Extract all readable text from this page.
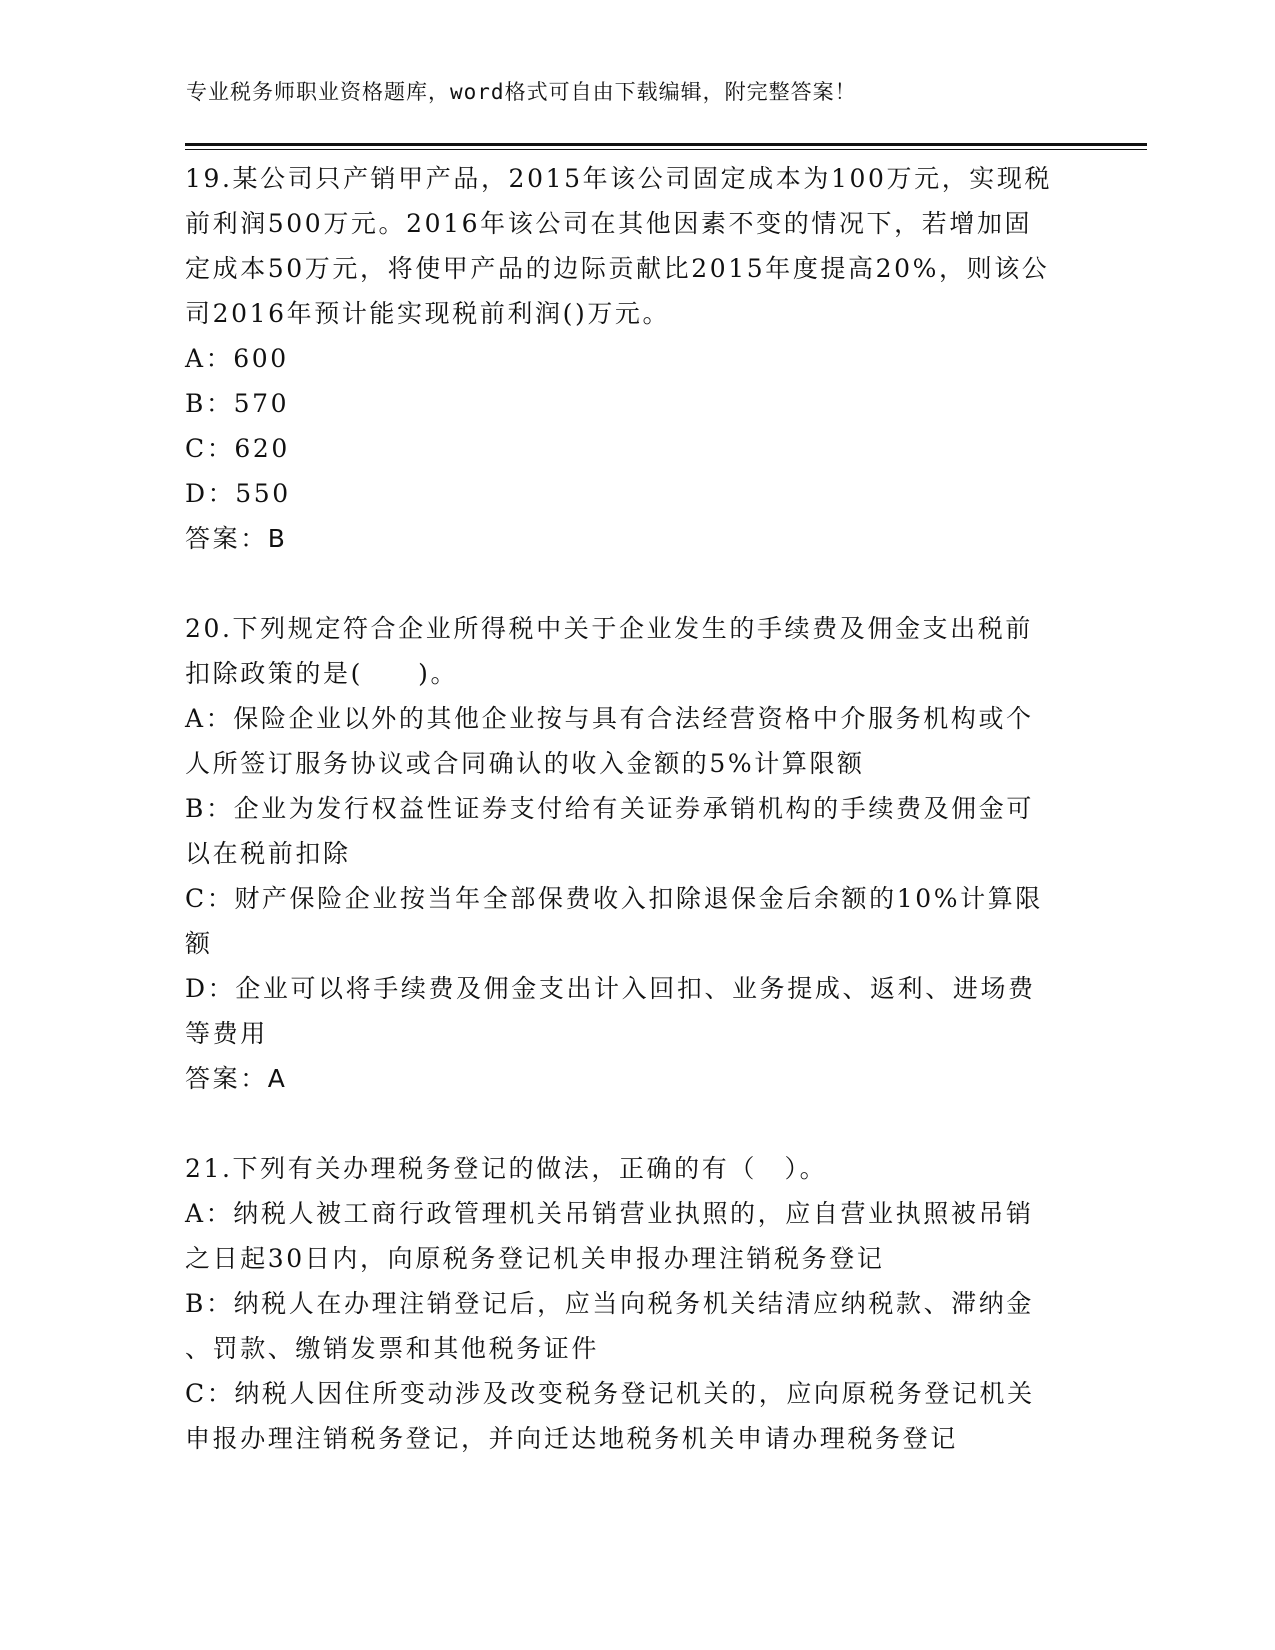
专业税务师职业资格题库，word格式可自由下载编辑，附完整答案！
19.某公司只产销甲产品，2015年该公司固定成本为100万元，实现税
前利润500万元。2016年该公司在其他因素不变的情况下，若增加固
定成本50万元，将使甲产品的边际贡献比2015年度提高20%，则该公
司2016年预计能实现税前利润()万元。
A：600
B：570
C：620
D：550
答案：B
20.下列规定符合企业所得税中关于企业发生的手续费及佣金支出税前
扣除政策的是(　　)。
A：保险企业以外的其他企业按与具有合法经营资格中介服务机构或个
人所签订服务协议或合同确认的收入金额的5%计算限额
B：企业为发行权益性证券支付给有关证券承销机构的手续费及佣金可
以在税前扣除
C：财产保险企业按当年全部保费收入扣除退保金后余额的10%计算限
额
D：企业可以将手续费及佣金支出计入回扣、业务提成、返利、进场费
等费用
答案：A
21.下列有关办理税务登记的做法，正确的有（　）。
A：纳税人被工商行政管理机关吊销营业执照的，应自营业执照被吊销
之日起30日内，向原税务登记机关申报办理注销税务登记
B：纳税人在办理注销登记后，应当向税务机关结清应纳税款、滞纳金
、罚款、缴销发票和其他税务证件
C：纳税人因住所变动涉及改变税务登记机关的，应向原税务登记机关
申报办理注销税务登记，并向迁达地税务机关申请办理税务登记
